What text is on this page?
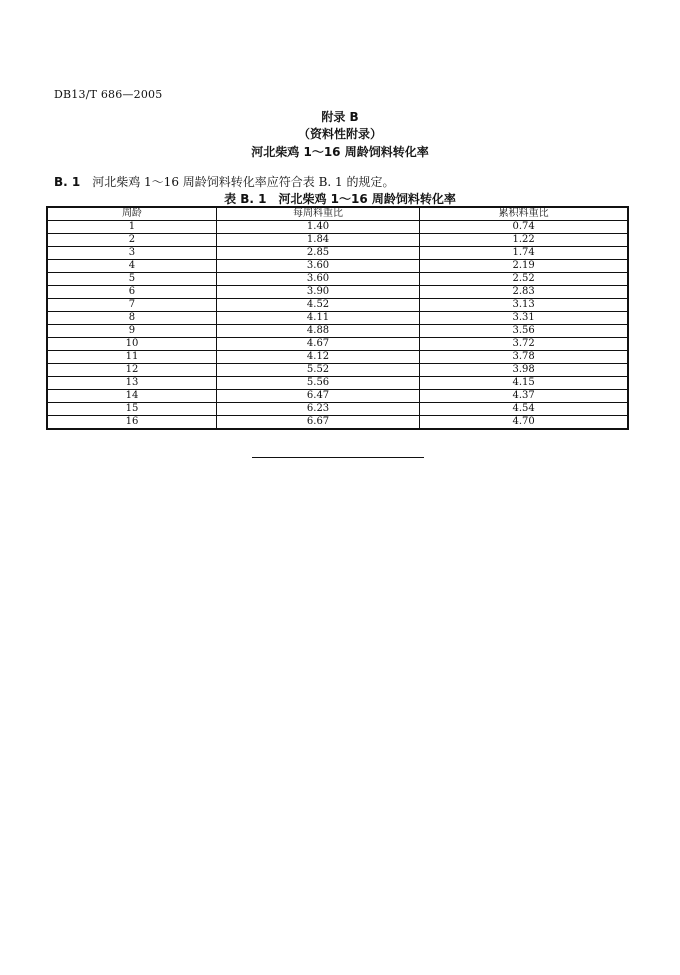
DB13/T 686—2005
附录 B
（资料性附录）
河北柴鸡 1～16 周龄饲料转化率
B. 1 河北柴鸡 1～16 周龄饲料转化率应符合表 B. 1 的规定。
表 B. 1　河北柴鸡 1～16 周龄饲料转化率
周龄	每周料重比	累积料重比
1	1.40	0.74
2	1.84	1.22
3	2.85	1.74
4	3.60	2.19
5	3.60	2.52
6	3.90	2.83
7	4.52	3.13
8	4.11	3.31
9	4.88	3.56
10	4.67	3.72
11	4.12	3.78
12	5.52	3.98
13	5.56	4.15
14	6.47	4.37
15	6.23	4.54
16	6.67	4.70
